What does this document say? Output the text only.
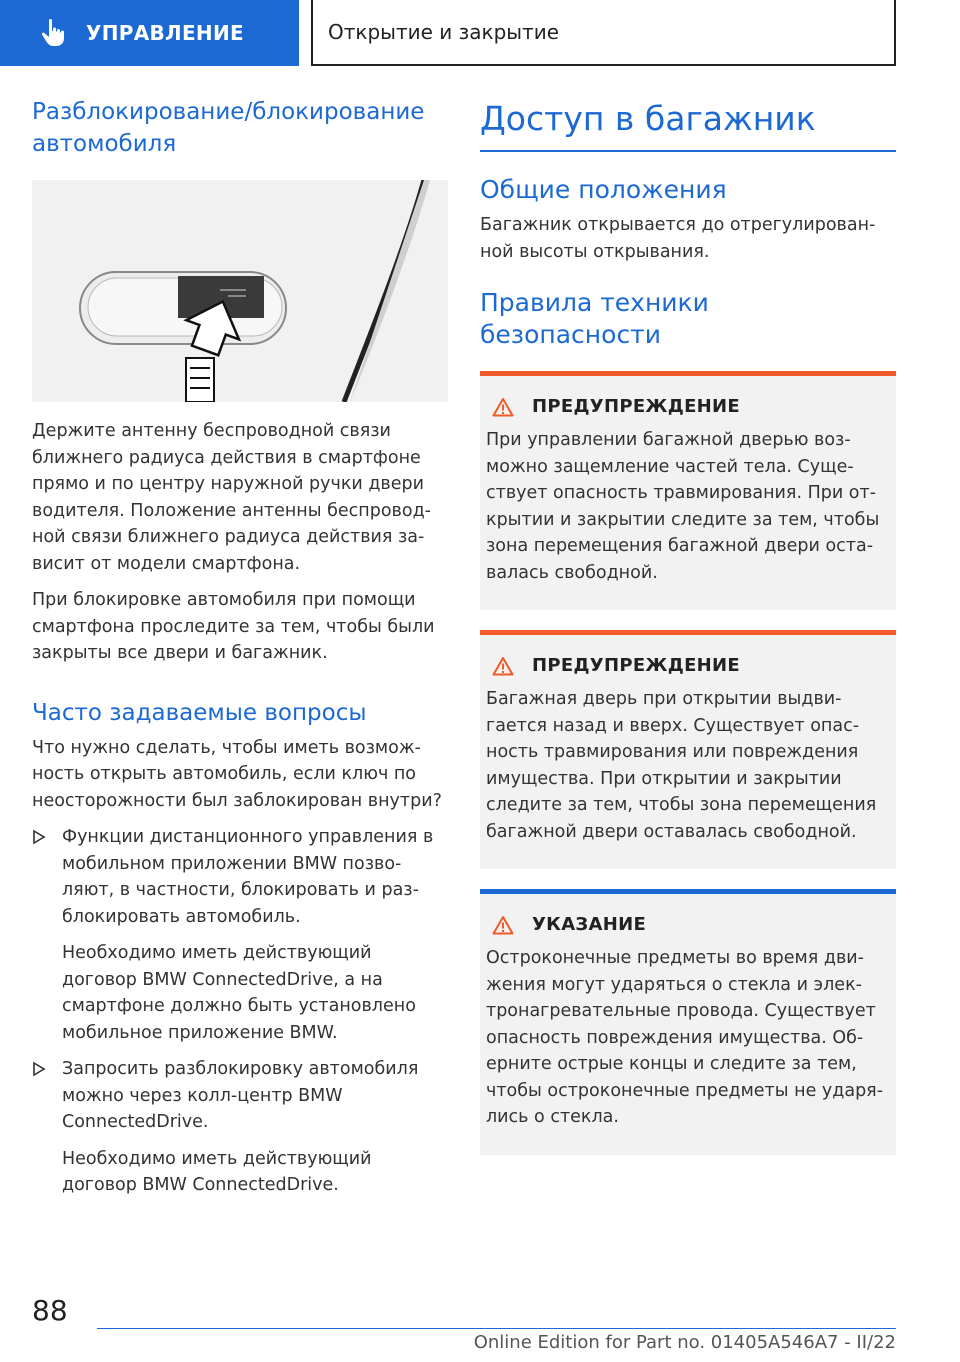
УПРАВЛЕНИЕ	Открытие и закрытие
Разблокирование/блокирование автомобиля

Держите антенну беспроводной связи ближнего радиуса действия в смартфоне прямо и по центру наружной ручки двери водителя. Положение антенны беспровод-ной связи ближнего радиуса действия за-висит от модели смартфона.

При блокировке автомобиля при помощи смартфона проследите за тем, чтобы были закрыты все двери и багажник.

Часто задаваемые вопросы

Что нужно сделать, чтобы иметь возмож-ность открыть автомобиль, если ключ по неосторожности был заблокирован внутри?

Функции дистанционного управления в мобильном приложении BMW позво-ляют, в частности, блокировать и раз-блокировать автомобиль.

Необходимо иметь действующий договор BMW ConnectedDrive, а на смартфоне должно быть установлено мобильное приложение BMW.

Запросить разблокировку автомобиля можно через колл-центр BMW ConnectedDrive.

Необходимо иметь действующий договор BMW ConnectedDrive.

Доступ в багажник
Общие положения

Багажник открывается до отрегулирован-ной высоты открывания.

Правила техники безопасности
ПРЕДУПРЕЖДЕНИЕ

При управлении багажной дверью воз-можно защемление частей тела. Суще-ствует опасность травмирования. При от-крытии и закрытии следите за тем, чтобы зона перемещения багажной двери оста-валась свободной.

ПРЕДУПРЕЖДЕНИЕ

Багажная дверь при открытии выдви-гается назад и вверх. Существует опас-ность травмирования или повреждения имущества. При открытии и закрытии следите за тем, чтобы зона перемещения багажной двери оставалась свободной.

УКАЗАНИЕ

Остроконечные предметы во время дви-жения могут ударяться о стекла и элек-тронагревательные провода. Существует опасность повреждения имущества. Об-ерните острые концы и следите за тем, чтобы остроконечные предметы не ударя-лись о стекла.

88
Online Edition for Part no. 01405A546A7 - II/22
